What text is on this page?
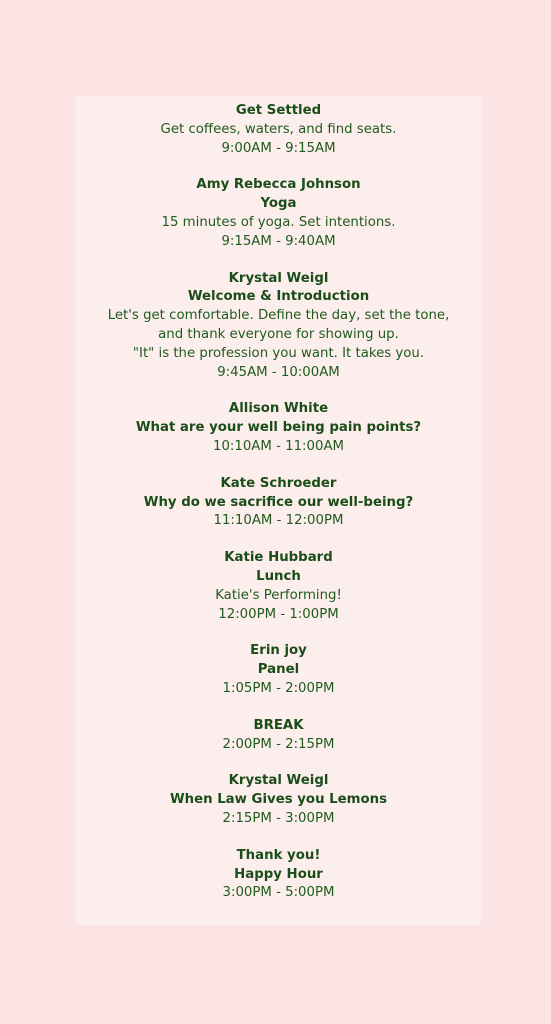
Get Settled
Get coffees, waters, and find seats.
9:00AM - 9:15AM
Amy Rebecca Johnson
Yoga
15 minutes of yoga. Set intentions.
9:15AM - 9:40AM
Krystal Weigl
Welcome & Introduction
Let's get comfortable. Define the day, set the tone,
and thank everyone for showing up.
"It" is the profession you want. It takes you.
9:45AM - 10:00AM
Allison White
What are your well being pain points?
10:10AM - 11:00AM
Kate Schroeder
Why do we sacrifice our well-being?
11:10AM - 12:00PM
Katie Hubbard
Lunch
Katie's Performing!
12:00PM - 1:00PM
Erin joy
Panel
1:05PM - 2:00PM
BREAK
2:00PM - 2:15PM
Krystal Weigl
When Law Gives you Lemons
2:15PM - 3:00PM
Thank you!
Happy Hour
3:00PM - 5:00PM
